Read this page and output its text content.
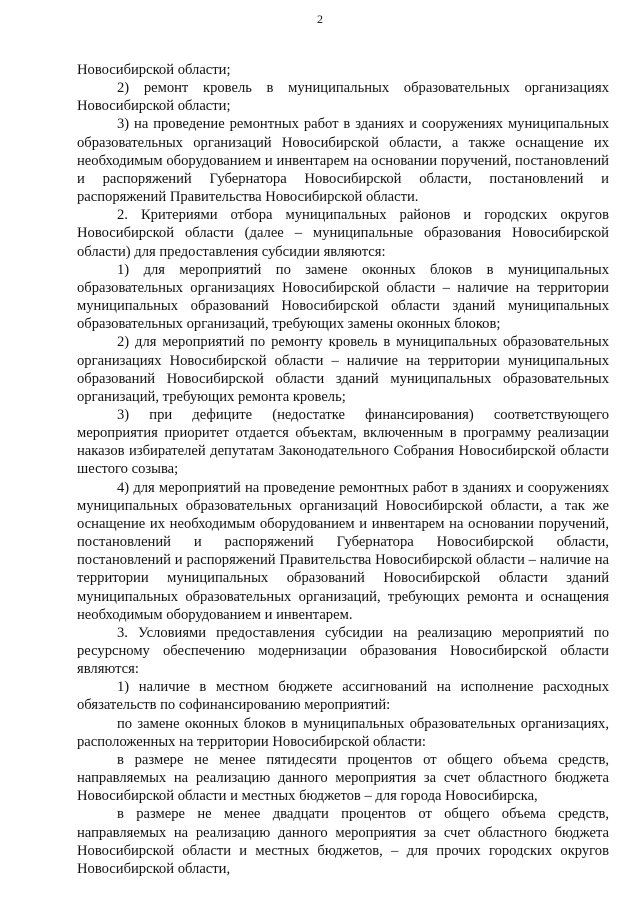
2

Новосибирской области;

2) ремонт кровель в муниципальных образовательных организациях Новосибирской области;

3) на проведение ремонтных работ в зданиях и сооружениях муниципальных образовательных организаций Новосибирской области, а также оснащение их необходимым оборудованием и инвентарем на основании поручений, постановлений и распоряжений Губернатора Новосибирской области, постановлений и распоряжений Правительства Новосибирской области.

2. Критериями отбора муниципальных районов и городских округов Новосибирской области (далее – муниципальные образования Новосибирской области) для предоставления субсидии являются:

1) для мероприятий по замене оконных блоков в муниципальных образовательных организациях Новосибирской области – наличие на территории муниципальных образований Новосибирской области зданий муниципальных образовательных организаций, требующих замены оконных блоков;

2) для мероприятий по ремонту кровель в муниципальных образовательных организациях Новосибирской области – наличие на территории муниципальных образований Новосибирской области зданий муниципальных образовательных организаций, требующих ремонта кровель;

3) при дефиците (недостатке финансирования) соответствующего мероприятия приоритет отдается объектам, включенным в программу реализации наказов избирателей депутатам Законодательного Собрания Новосибирской области шестого созыва;

4) для мероприятий на проведение ремонтных работ в зданиях и сооружениях муниципальных образовательных организаций Новосибирской области, а так же оснащение их необходимым оборудованием и инвентарем на основании поручений, постановлений и распоряжений Губернатора Новосибирской области, постановлений и распоряжений Правительства Новосибирской области – наличие на территории муниципальных образований Новосибирской области зданий муниципальных образовательных организаций, требующих ремонта и оснащения необходимым оборудованием и инвентарем.

3. Условиями предоставления субсидии на реализацию мероприятий по ресурсному обеспечению модернизации образования Новосибирской области являются:

1) наличие в местном бюджете ассигнований на исполнение расходных обязательств по софинансированию мероприятий:

по замене оконных блоков в муниципальных образовательных организациях, расположенных на территории Новосибирской области:

в размере не менее пятидесяти процентов от общего объема средств, направляемых на реализацию данного мероприятия за счет областного бюджета Новосибирской области и местных бюджетов – для города Новосибирска,

в размере не менее двадцати процентов от общего объема средств, направляемых на реализацию данного мероприятия за счет областного бюджета Новосибирской области и местных бюджетов, – для прочих городских округов Новосибирской области,
